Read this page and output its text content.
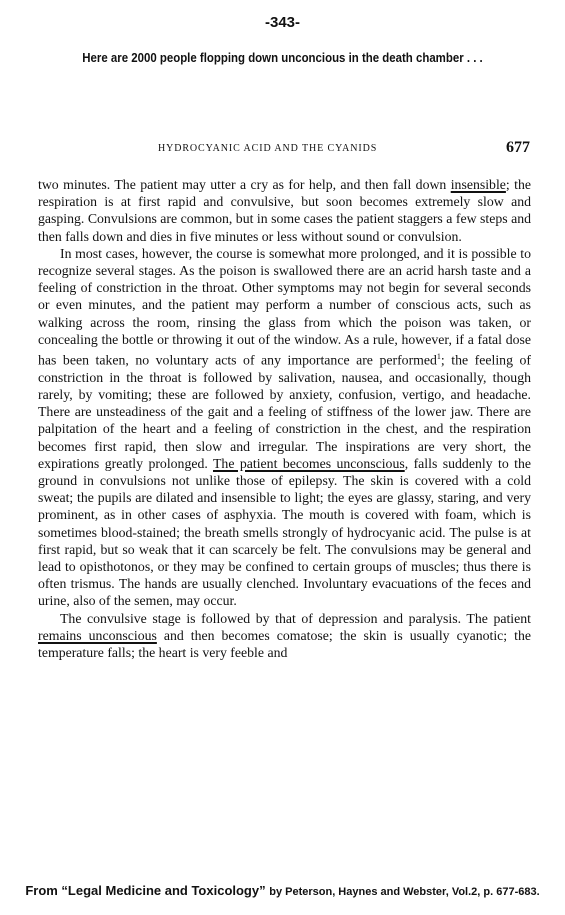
-343-
Here are 2000 people flopping down unconcious in the death chamber . . .
HYDROCYANIC ACID AND THE CYANIDS	677

two minutes. The patient may utter a cry as for help, and then fall down insensible; the respiration is at first rapid and convulsive, but soon becomes extremely slow and gasping. Convulsions are common, but in some cases the patient staggers a few steps and then falls down and dies in five minutes or less without sound or convulsion.

In most cases, however, the course is somewhat more prolonged, and it is possible to recognize several stages. As the poison is swallowed there are an acrid harsh taste and a feeling of constriction in the throat. Other symptoms may not begin for several seconds or even minutes, and the patient may perform a number of conscious acts, such as walking across the room, rinsing the glass from which the poison was taken, or concealing the bottle or throwing it out of the window. As a rule, however, if a fatal dose has been taken, no voluntary acts of any importance are performed$^1$; the feeling of constriction in the throat is followed by salivation, nausea, and occasionally, though rarely, by vomiting; these are followed by anxiety, confusion, vertigo, and headache. There are unsteadiness of the gait and a feeling of stiffness of the lower jaw. There are palpitation of the heart and a feeling of constriction in the chest, and the respiration becomes first rapid, then slow and irregular. The inspirations are very short, the expirations greatly prolonged. The patient becomes unconscious, falls suddenly to the ground in convulsions not unlike those of epilepsy. The skin is covered with a cold sweat; the pupils are dilated and insensible to light; the eyes are glassy, staring, and very prominent, as in other cases of asphyxia. The mouth is covered with foam, which is sometimes blood-stained; the breath smells strongly of hydrocyanic acid. The pulse is at first rapid, but so weak that it can scarcely be felt. The convulsions may be general and lead to opisthotonos, or they may be confined to certain groups of muscles; thus there is often trismus. The hands are usually clenched. Involuntary evacuations of the feces and urine, also of the semen, may occur.

The convulsive stage is followed by that of depression and paralysis. The patient remains unconscious and then becomes comatose; the skin is usually cyanotic; the temperature falls; the heart is very feeble and

From “Legal Medicine and Toxicology” by Peterson, Haynes and Webster, Vol.2, p. 677-683.
